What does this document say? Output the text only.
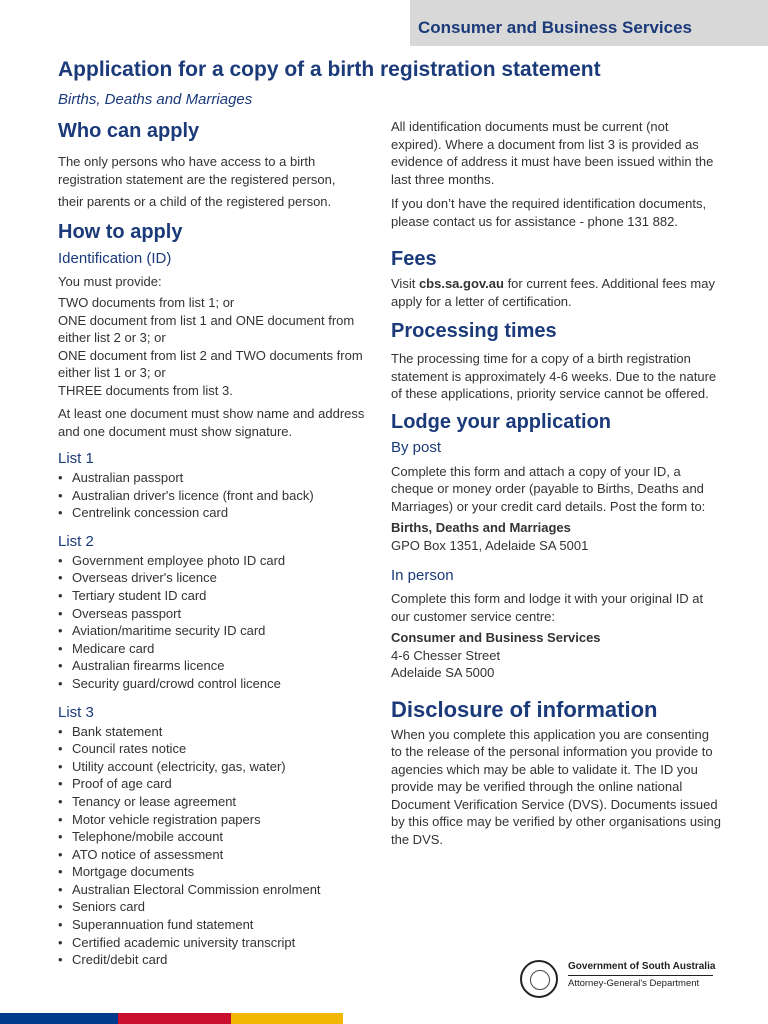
Consumer and Business Services
Application for a copy of a birth registration statement
Births, Deaths and Marriages
Who can apply

The only persons who have access to a birth registration statement are the registered person,

their parents or a child of the registered person.

How to apply
Identification (ID)

You must provide:

TWO documents from list 1; or

ONE document from list 1 and ONE document from either list 2 or 3; or

ONE document from list 2 and TWO documents from either list 1 or 3; or

THREE documents from list 3.

At least one document must show name and address and one document must show signature.

List 1
• Australian passport
• Australian driver's licence (front and back)
• Centrelink concession card
List 2
• Government employee photo ID card
• Overseas driver's licence
• Tertiary student ID card
• Overseas passport
• Aviation/maritime security ID card
• Medicare card
• Australian firearms licence
• Security guard/crowd control licence
List 3
• Bank statement
• Council rates notice
• Utility account (electricity, gas, water)
• Proof of age card
• Tenancy or lease agreement
• Motor vehicle registration papers
• Telephone/mobile account
• ATO notice of assessment
• Mortgage documents
• Australian Electoral Commission enrolment
• Seniors card
• Superannuation fund statement
• Certified academic university transcript
• Credit/debit card

All identification documents must be current (not expired). Where a document from list 3 is provided as evidence of address it must have been issued within the last three months.

If you don’t have the required identification documents, please contact us for assistance - phone 131 882.

Fees

Visit cbs.sa.gov.au for current fees. Additional fees may apply for a letter of certification.

Processing times

The processing time for a copy of a birth registration statement is approximately 4-6 weeks. Due to the nature of these applications, priority service cannot be offered.

Lodge your application
By post

Complete this form and attach a copy of your ID, a cheque or money order (payable to Births, Deaths and Marriages) or your credit card details. Post the form to:

Births, Deaths and Marriages

GPO Box 1351, Adelaide SA 5001

In person

Complete this form and lodge it with your original ID at our customer service centre:

Consumer and Business Services

4-6 Chesser Street

Adelaide SA 5000

Disclosure of information

When you complete this application you are consenting to the release of the personal information you provide to agencies which may be able to validate it. The ID you provide may be verified through the online national Document Verification Service (DVS). Documents issued by this office may be verified by other organisations using the DVS.

Government of South Australia
Attorney-General's Department
